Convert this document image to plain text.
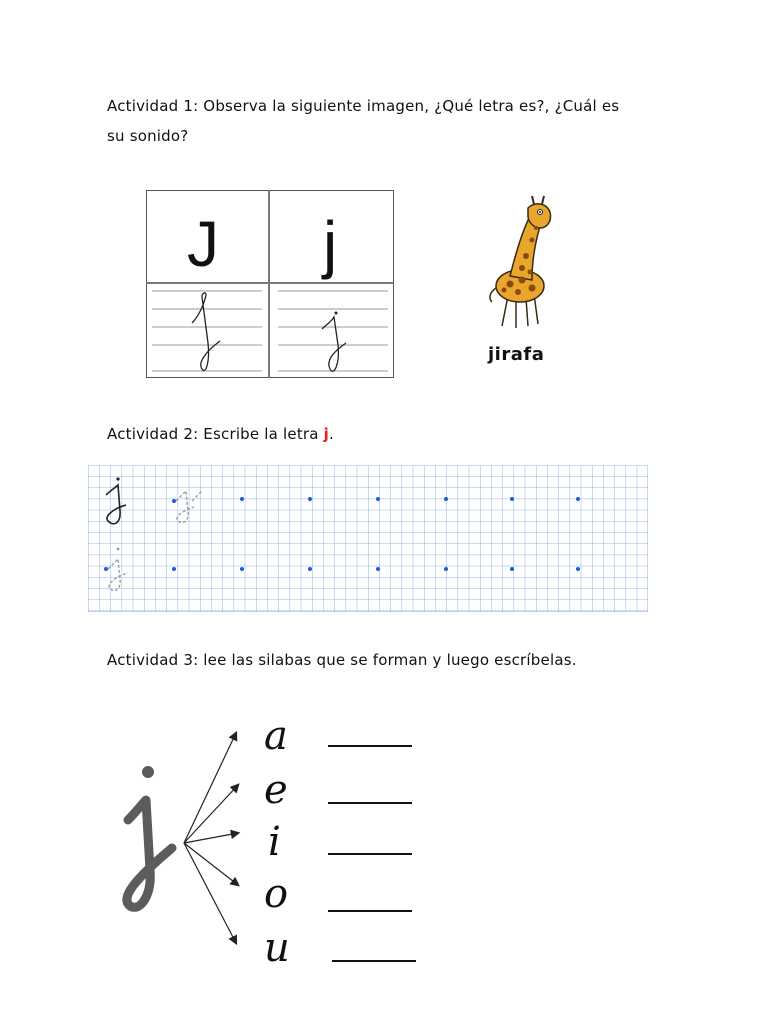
Actividad 1: Observa la siguiente imagen, ¿Qué letra es?, ¿Cuál es
su sonido?
J j
jirafa
Actividad 2: Escribe la letra j.
Actividad 3: lee las silabas que se forman y luego escríbelas.
a
e
i
o
u
